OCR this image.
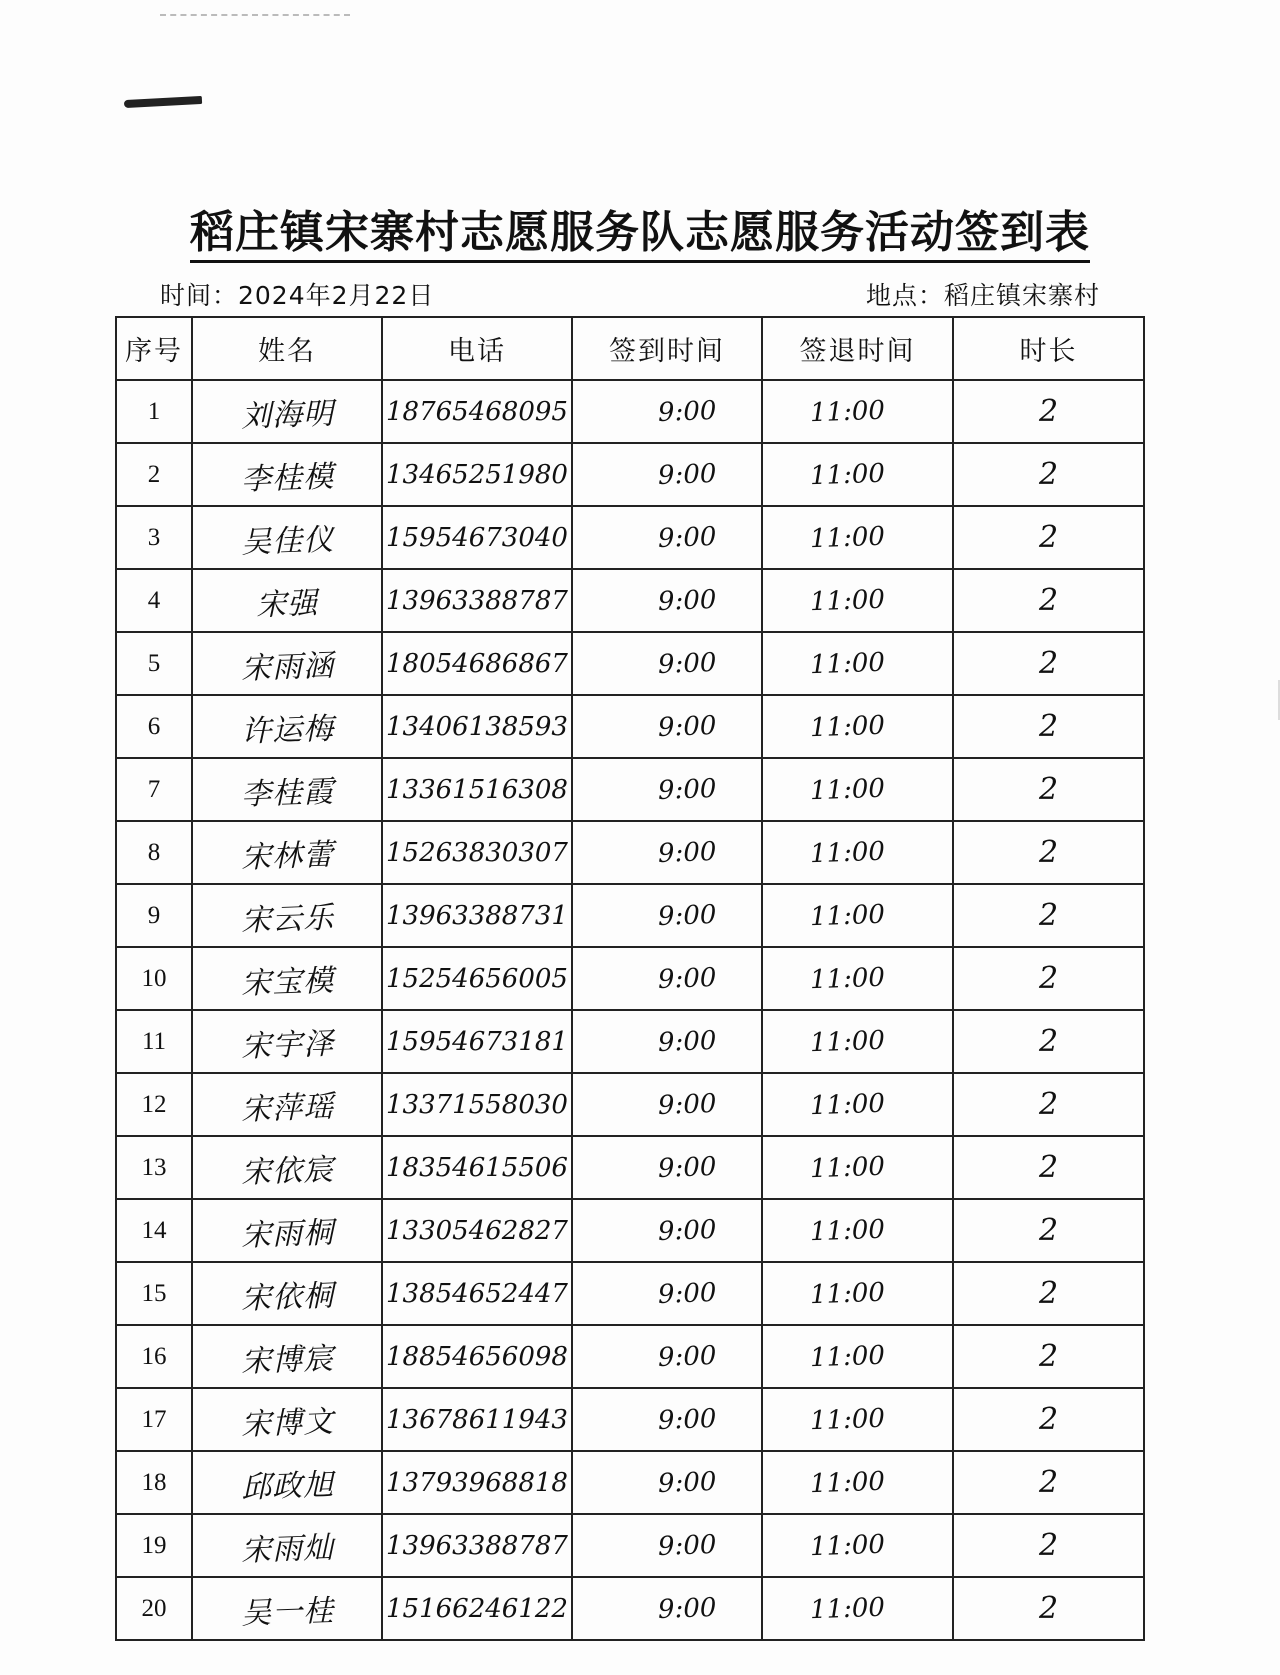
稻庄镇宋寨村志愿服务队志愿服务活动签到表
时间：2024年2月22日	地点：稻庄镇宋寨村
序号	姓名	电话	签到时间	签退时间	时长
1	刘海明	18765468095	9:00	11:00	2
2	李桂模	13465251980	9:00	11:00	2
3	吴佳仪	15954673040	9:00	11:00	2
4	宋强	13963388787	9:00	11:00	2
5	宋雨涵	18054686867	9:00	11:00	2
6	许运梅	13406138593	9:00	11:00	2
7	李桂霞	13361516308	9:00	11:00	2
8	宋林蕾	15263830307	9:00	11:00	2
9	宋云乐	13963388731	9:00	11:00	2
10	宋宝模	15254656005	9:00	11:00	2
11	宋宇泽	15954673181	9:00	11:00	2
12	宋萍瑶	13371558030	9:00	11:00	2
13	宋依宸	18354615506	9:00	11:00	2
14	宋雨桐	13305462827	9:00	11:00	2
15	宋依桐	13854652447	9:00	11:00	2
16	宋博宸	18854656098	9:00	11:00	2
17	宋博文	13678611943	9:00	11:00	2
18	邱政旭	13793968818	9:00	11:00	2
19	宋雨灿	13963388787	9:00	11:00	2
20	吴一桂	15166246122	9:00	11:00	2
